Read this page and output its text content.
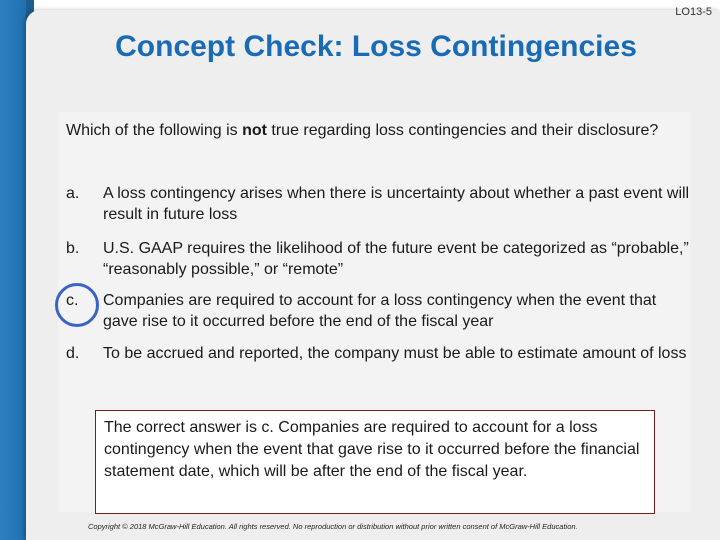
LO13-5
Concept Check: Loss Contingencies
Which of the following is not true regarding loss contingencies and their disclosure?
a. A loss contingency arises when there is uncertainty about whether a past event will result in future loss
b. U.S. GAAP requires the likelihood of the future event be categorized as “probable,” “reasonably possible,” or “remote”
c. Companies are required to account for a loss contingency when the event that gave rise to it occurred before the end of the fiscal year
d. To be accrued and reported, the company must be able to estimate amount of loss
The correct answer is c. Companies are required to account for a loss contingency when the event that gave rise to it occurred before the financial statement date, which will be after the end of the fiscal year.
Copyright © 2018 McGraw-Hill Education. All rights reserved. No reproduction or distribution without prior written consent of McGraw-Hill Education.
